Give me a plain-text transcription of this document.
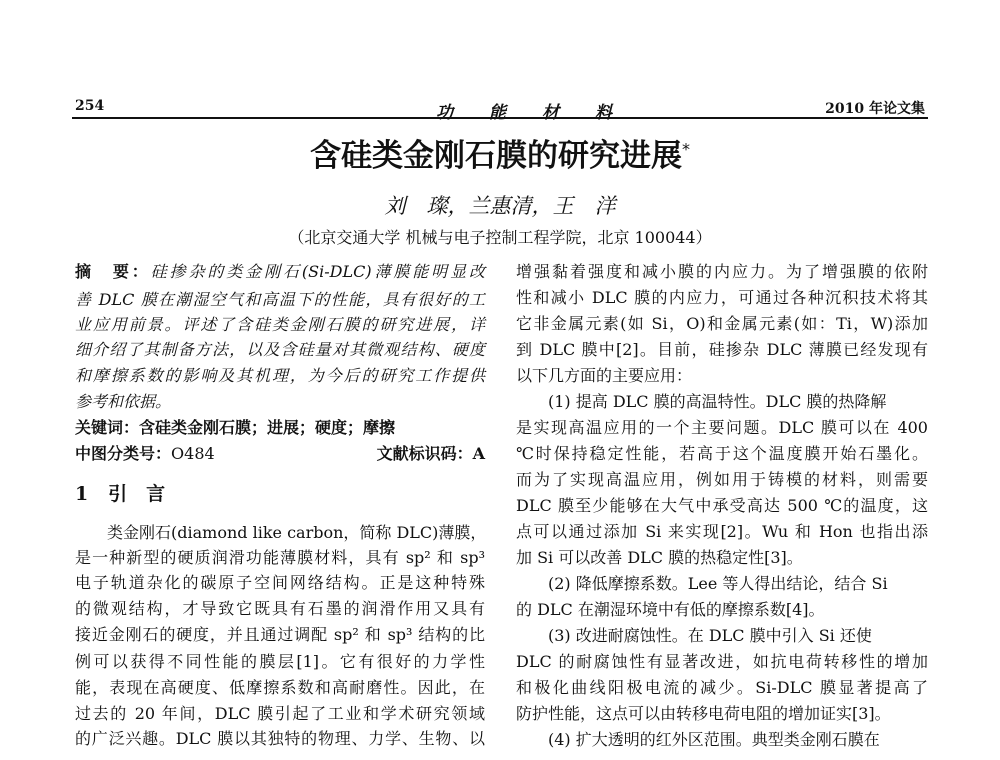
254	功能材料	2010 年论文集
含硅类金刚石膜的研究进展*
刘　璨，兰惠清，王　洋
（北京交通大学 机械与电子控制工程学院，北京 100044）
摘　要：硅掺杂的类金刚石(Si-DLC)薄膜能明显改
善 DLC 膜在潮湿空气和高温下的性能，具有很好的工
业应用前景。评述了含硅类金刚石膜的研究进展，详
细介绍了其制备方法，以及含硅量对其微观结构、硬度
和摩擦系数的影响及其机理，为今后的研究工作提供
参考和依据。
关键词：含硅类金刚石膜；进展；硬度；摩擦
中图分类号：O484	文献标识码：A
1 引　言
类金刚石(diamond like carbon，简称 DLC)薄膜，
是一种新型的硬质润滑功能薄膜材料，具有 sp² 和 sp³
电子轨道杂化的碳原子空间网络结构。正是这种特殊
的微观结构，才导致它既具有石墨的润滑作用又具有
接近金刚石的硬度，并且通过调配 sp² 和 sp³ 结构的比
例可以获得不同性能的膜层[1]。它有很好的力学性
能，表现在高硬度、低摩擦系数和高耐磨性。因此，在
过去的 20 年间，DLC 膜引起了工业和学术研究领域
的广泛兴趣。DLC 膜以其独特的物理、力学、生物、以
增强黏着强度和减小膜的内应力。为了增强膜的依附
性和减小 DLC 膜的内应力，可通过各种沉积技术将其
它非金属元素(如 Si，O)和金属元素(如：Ti，W)添加
到 DLC 膜中[2]。目前，硅掺杂 DLC 薄膜已经发现有
以下几方面的主要应用：
(1) 提高 DLC 膜的高温特性。DLC 膜的热降解
是实现高温应用的一个主要问题。DLC 膜可以在 400
℃时保持稳定性能，若高于这个温度膜开始石墨化。
而为了实现高温应用，例如用于铸模的材料，则需要
DLC 膜至少能够在大气中承受高达 500 ℃的温度，这
点可以通过添加 Si 来实现[2]。Wu 和 Hon 也指出添
加 Si 可以改善 DLC 膜的热稳定性[3]。
(2) 降低摩擦系数。Lee 等人得出结论，结合 Si
的 DLC 在潮湿环境中有低的摩擦系数[4]。
(3) 改进耐腐蚀性。在 DLC 膜中引入 Si 还使
DLC 的耐腐蚀性有显著改进，如抗电荷转移性的增加
和极化曲线阳极电流的减少。Si-DLC 膜显著提高了
防护性能，这点可以由转移电荷电阻的增加证实[3]。
(4) 扩大透明的红外区范围。典型类金刚石膜在
